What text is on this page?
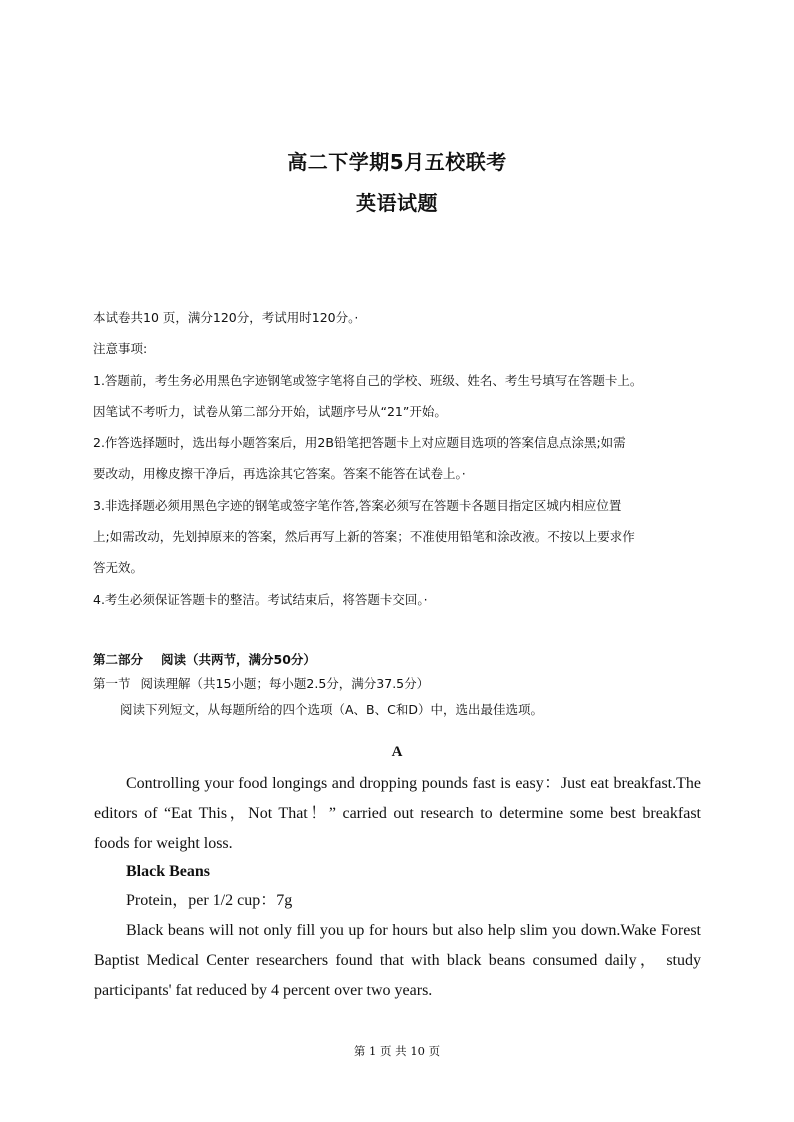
高二下学期5月五校联考
英语试题
本试卷共10 页，满分120分，考试用时120分。·
注意事项:
1.答题前，考生务必用黑色字迹钢笔或签字笔将自己的学校、班级、姓名、考生号填写在答题卡上。
因笔试不考听力，试卷从第二部分开始，试题序号从“21”开始。
2.作答选择题时，选出每小题答案后，用2B铅笔把答题卡上对应题目选项的答案信息点涂黑;如需
要改动，用橡皮擦干净后，再选涂其它答案。答案不能答在试卷上。·
3.非选择题必须用黑色字迹的钢笔或签字笔作答,答案必须写在答题卡各题目指定区城内相应位置
上;如需改动，先划掉原来的答案，然后再写上新的答案；不准使用铅笔和涂改液。不按以上要求作
答无效。
4.考生必须保证答题卡的整洁。考试结束后，将答题卡交回。·
第二部分 阅读（共两节，满分50分）
第一节 阅读理解（共15小题；每小题2.5分，满分37.5分）
阅读下列短文，从每题所给的四个选项（A、B、C和D）中，选出最佳选项。
A
Controlling your food longings and dropping pounds fast is easy：Just eat breakfast.The
editors of “Eat This，Not That！” carried out research to determine some best breakfast
foods for weight loss.
Black Beans
Protein，per 1/2 cup：7g
Black beans will not only fill you up for hours but also help slim you down.Wake Forest
Baptist Medical Center researchers found that with black beans consumed daily， study
participants' fat reduced by 4 percent over two years.
第 1 页 共 10 页
